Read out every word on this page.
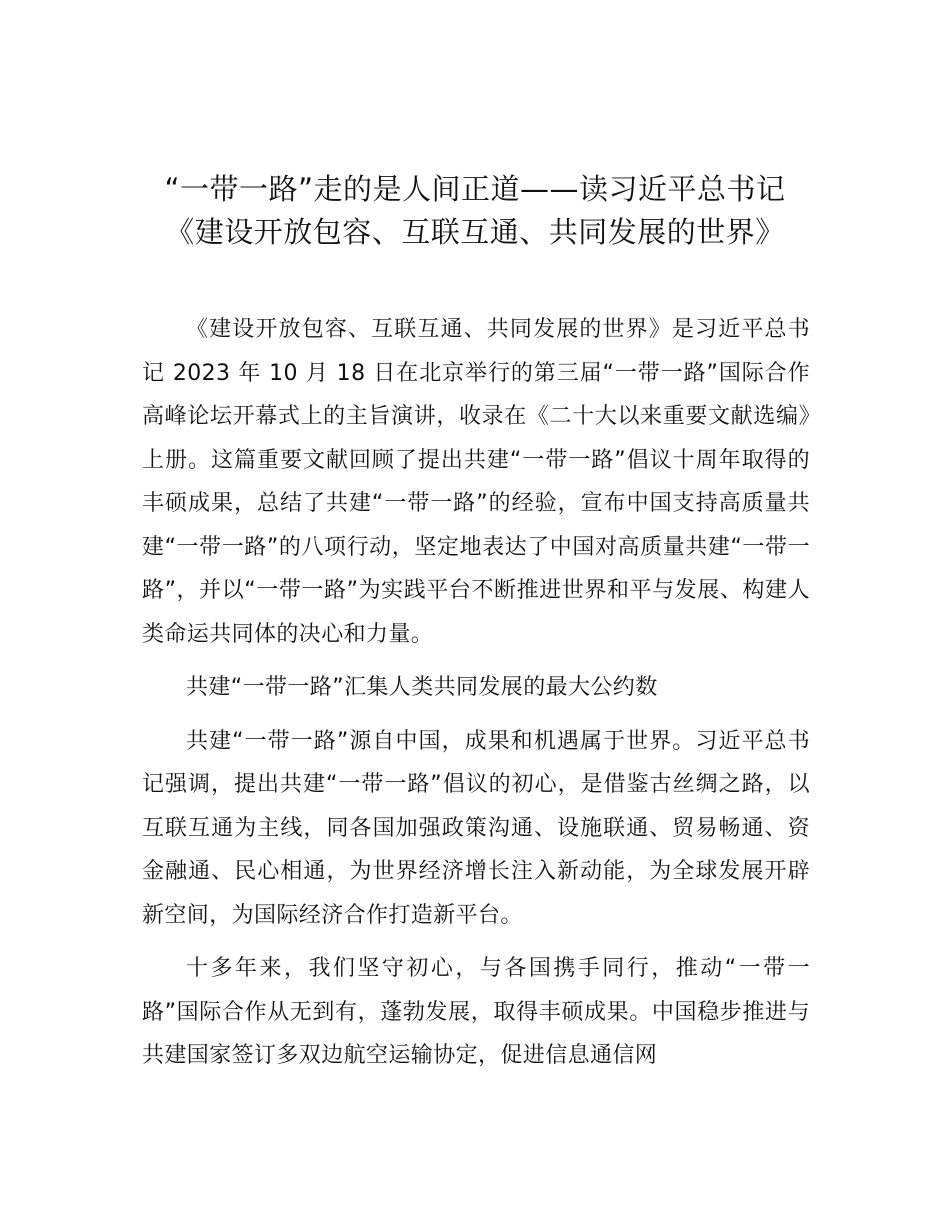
“一带一路”走的是人间正道——读习近平总书记《建设开放包容、互联互通、共同发展的世界》

《建设开放包容、互联互通、共同发展的世界》是习近平总书记 2023 年 10 月 18 日在北京举行的第三届“一带一路”国际合作高峰论坛开幕式上的主旨演讲，收录在《二十大以来重要文献选编》上册。这篇重要文献回顾了提出共建“一带一路”倡议十周年取得的丰硕成果，总结了共建“一带一路”的经验，宣布中国支持高质量共建“一带一路”的八项行动，坚定地表达了中国对高质量共建“一带一路”，并以“一带一路”为实践平台不断推进世界和平与发展、构建人类命运共同体的决心和力量。

共建“一带一路”汇集人类共同发展的最大公约数

共建“一带一路”源自中国，成果和机遇属于世界。习近平总书记强调，提出共建“一带一路”倡议的初心，是借鉴古丝绸之路，以互联互通为主线，同各国加强政策沟通、设施联通、贸易畅通、资金融通、民心相通，为世界经济增长注入新动能，为全球发展开辟新空间，为国际经济合作打造新平台。

十多年来，我们坚守初心，与各国携手同行，推动“一带一路”国际合作从无到有，蓬勃发展，取得丰硕成果。中国稳步推进与共建国家签订多双边航空运输协定，促进信息通信网
